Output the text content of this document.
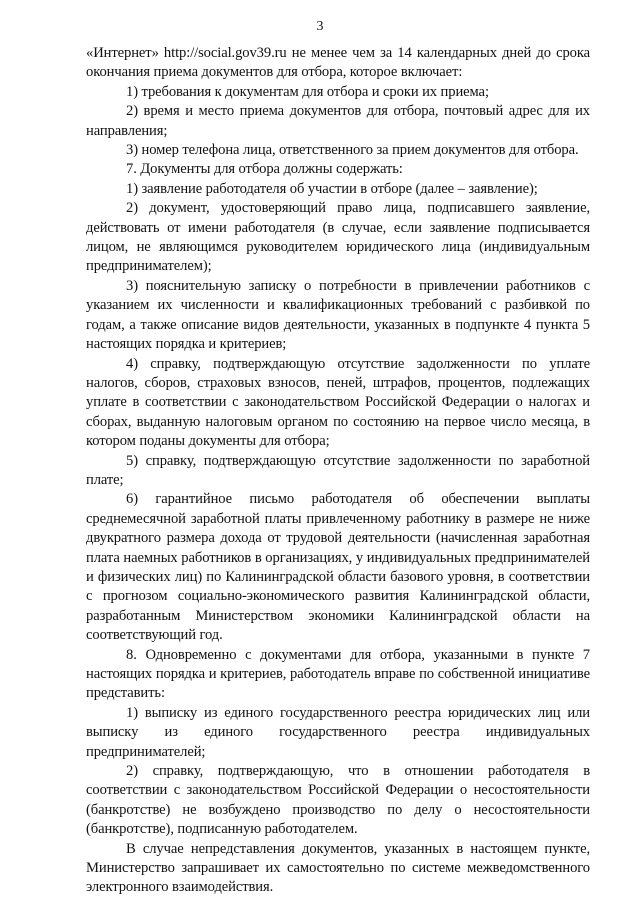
3

«Интернет» http://social.gov39.ru не менее чем за 14 календарных дней до срока окончания приема документов для отбора, которое включает:

1) требования к документам для отбора и сроки их приема;

2) время и место приема документов для отбора, почтовый адрес для их направления;

3) номер телефона лица, ответственного за прием документов для отбора.

7. Документы для отбора должны содержать:

1) заявление работодателя об участии в отборе (далее – заявление);

2) документ, удостоверяющий право лица, подписавшего заявление, действовать от имени работодателя (в случае, если заявление подписывается лицом, не являющимся руководителем юридического лица (индивидуальным предпринимателем);

3) пояснительную записку о потребности в привлечении работников с указанием их численности и квалификационных требований с разбивкой по годам, а также описание видов деятельности, указанных в подпункте 4 пункта 5 настоящих порядка и критериев;

4) справку, подтверждающую отсутствие задолженности по уплате налогов, сборов, страховых взносов, пеней, штрафов, процентов, подлежащих уплате в соответствии с законодательством Российской Федерации о налогах и сборах, выданную налоговым органом по состоянию на первое число месяца, в котором поданы документы для отбора;

5) справку, подтверждающую отсутствие задолженности по заработной плате;

6) гарантийное письмо работодателя об обеспечении выплаты среднемесячной заработной платы привлеченному работнику в размере не ниже двукратного размера дохода от трудовой деятельности (начисленная заработная плата наемных работников в организациях, у индивидуальных предпринимателей и физических лиц) по Калининградской области базового уровня, в соответствии с прогнозом социально-экономического развития Калининградской области, разработанным Министерством экономики Калининградской области на соответствующий год.

8. Одновременно с документами для отбора, указанными в пункте 7 настоящих порядка и критериев, работодатель вправе по собственной инициативе представить:

1) выписку из единого государственного реестра юридических лиц или выписку из единого государственного реестра индивидуальных предпринимателей;

2) справку, подтверждающую, что в отношении работодателя в соответствии с законодательством Российской Федерации о несостоятельности (банкротстве) не возбуждено производство по делу о несостоятельности (банкротстве), подписанную работодателем.

В случае непредставления документов, указанных в настоящем пункте, Министерство запрашивает их самостоятельно по системе межведомственного электронного взаимодействия.
